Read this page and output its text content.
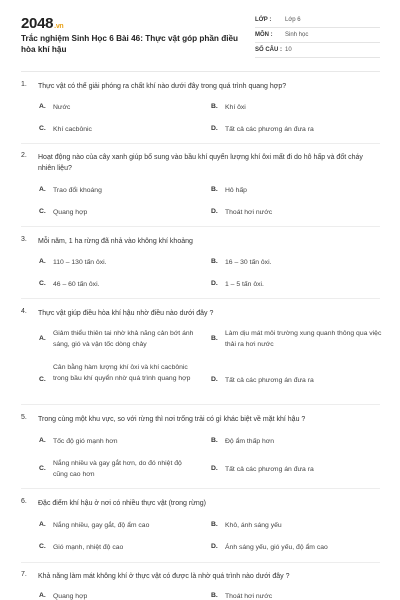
2048.vn
Trắc nghiệm Sinh Học 6 Bài 46: Thực vật góp phần điều hòa khí hậu
LỚP : Lớp 6
MÔN : Sinh học
SỐ CÂU : 10
1. Thực vật có thể giải phóng ra chất khí nào dưới đây trong quá trình quang hợp?
A. Nước	B. Khí ôxi
C. Khí cacbônic	D. Tất cả các phương án đưa ra
2. Hoạt động nào của cây xanh giúp bổ sung vào bầu khí quyển lượng khí ôxi mất đi do hô hấp và đốt cháy nhiên liệu?
A. Trao đổi khoáng	B. Hô hấp
C. Quang hợp	D. Thoát hơi nước
3. Mỗi năm, 1 ha rừng đã nhả vào không khí khoảng
A. 110 – 130 tấn ôxi.	B. 16 – 30 tấn ôxi.
C. 46 – 60 tấn ôxi.	D. 1 – 5 tấn ôxi.
4. Thực vật giúp điều hòa khí hậu nhờ điều nào dưới đây ?
A.
Giảm thiểu thiên tai nhờ khả năng cản bớt ánh sáng, gió và vận tốc dòng chảy
B.
Làm dịu mát môi trường xung quanh thông qua việc thải ra hơi nước
C.
Cân bằng hàm lượng khí ôxi và khí cacbônic trong bầu khí quyển nhờ quá trình quang hợp	D. Tất cả các phương án đưa ra
5. Trong cùng một khu vực, so với rừng thì nơi trống trải có gì khác biệt về mặt khí hậu ?
A. Tốc độ gió mạnh hơn	B. Độ ẩm thấp hơn
C.
Nắng nhiều và gay gắt hơn, do đó nhiệt độ cũng cao hơn
D. Tất cả các phương án đưa ra
6. Đặc điểm khí hậu ở nơi có nhiều thực vật (trong rừng)
A. Nắng nhiều, gay gắt, độ ẩm cao	B. Khô, ánh sáng yếu
C. Gió mạnh, nhiệt độ cao	D. Ánh sáng yếu, gió yếu, độ ẩm cao
7. Khả năng làm mát không khí ở thực vật có được là nhờ quá trình nào dưới đây ?
A. Quang hợp	B. Thoát hơi nước
